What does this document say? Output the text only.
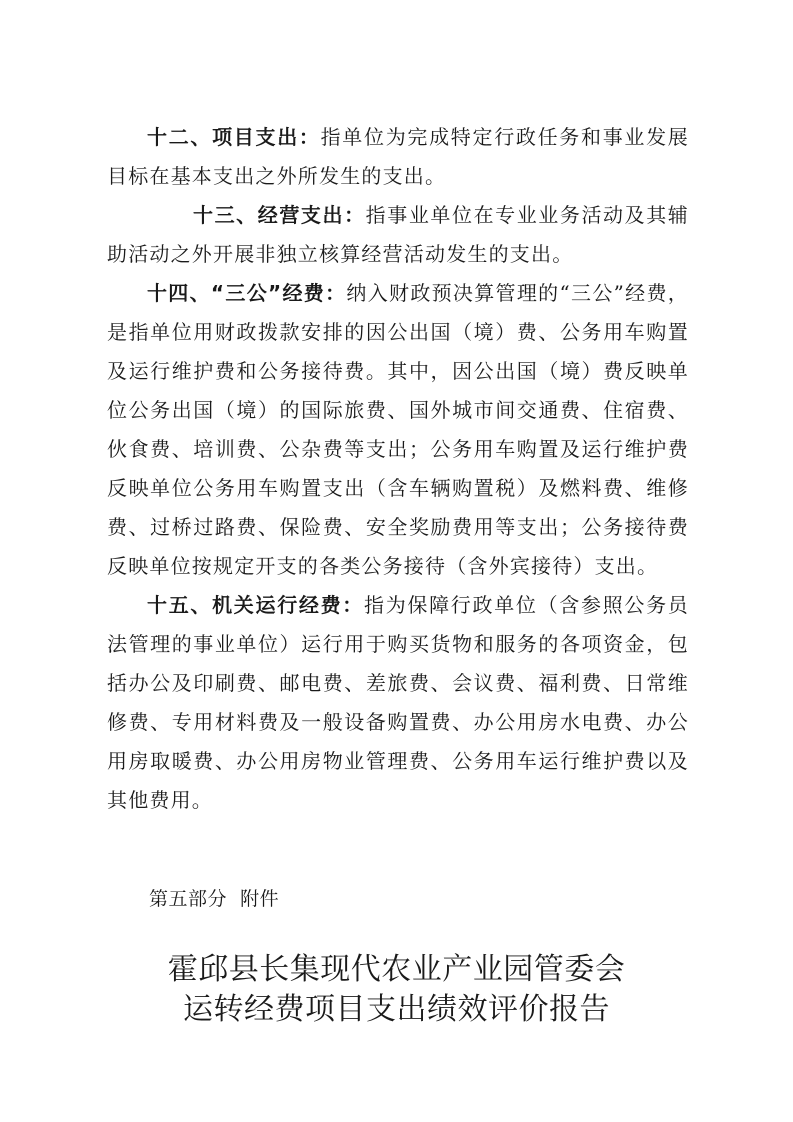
十二、项目支出：指单位为完成特定行政任务和事业发展目标在基本支出之外所发生的支出。

十三、经营支出：指事业单位在专业业务活动及其辅助活动之外开展非独立核算经营活动发生的支出。

十四、“三公”经费：纳入财政预决算管理的“三公”经费，是指单位用财政拨款安排的因公出国（境）费、公务用车购置及运行维护费和公务接待费。其中，因公出国（境）费反映单位公务出国（境）的国际旅费、国外城市间交通费、住宿费、伙食费、培训费、公杂费等支出；公务用车购置及运行维护费反映单位公务用车购置支出（含车辆购置税）及燃料费、维修费、过桥过路费、保险费、安全奖励费用等支出；公务接待费反映单位按规定开支的各类公务接待（含外宾接待）支出。

十五、机关运行经费：指为保障行政单位（含参照公务员法管理的事业单位）运行用于购买货物和服务的各项资金，包括办公及印刷费、邮电费、差旅费、会议费、福利费、日常维修费、专用材料费及一般设备购置费、办公用房水电费、办公用房取暖费、办公用房物业管理费、公务用车运行维护费以及其他费用。

第五部分  附件
霍邱县长集现代农业产业园管委会
运转经费项目支出绩效评价报告
